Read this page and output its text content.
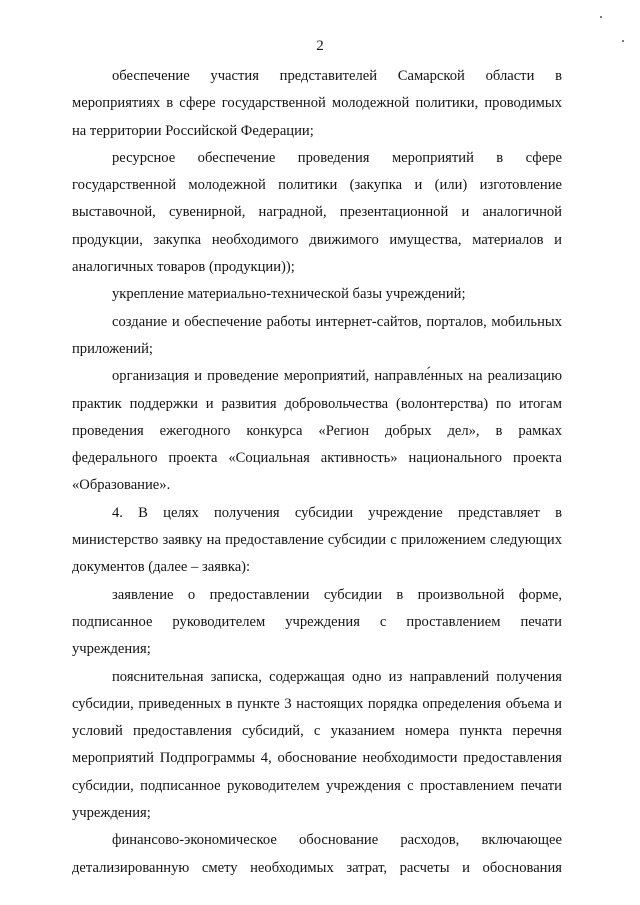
2

обеспечение участия представителей Самарской области в мероприятиях в сфере государственной молодежной политики, проводимых на территории Российской Федерации;

ресурсное обеспечение проведения мероприятий в сфере государственной молодежной политики (закупка и (или) изготовление выставочной, сувенирной, наградной, презентационной и аналогичной продукции, закупка необходимого движимого имущества, материалов и аналогичных товаров (продукции));

укрепление материально-технической базы учреждений;

создание и обеспечение работы интернет-сайтов, порталов, мобильных приложений;

организация и проведение мероприятий, направле́нных на реализацию практик поддержки и развития добровольчества (волонтерства) по итогам проведения ежегодного конкурса «Регион добрых дел», в рамках федерального проекта «Социальная активность» национального проекта «Образование».

4. В целях получения субсидии учреждение представляет в министерство заявку на предоставление субсидии с приложением следующих документов (далее – заявка):

заявление о предоставлении субсидии в произвольной форме, подписанное руководителем учреждения с проставлением печати учреждения;

пояснительная записка, содержащая одно из направлений получения субсидии, приведенных в пункте 3 настоящих порядка определения объема и условий предоставления субсидий, с указанием номера пункта перечня мероприятий Подпрограммы 4, обоснование необходимости предоставления субсидии, подписанное руководителем учреждения с проставлением печати учреждения;

финансово-экономическое обоснование расходов, включающее детализированную смету необходимых затрат, расчеты и обоснования
